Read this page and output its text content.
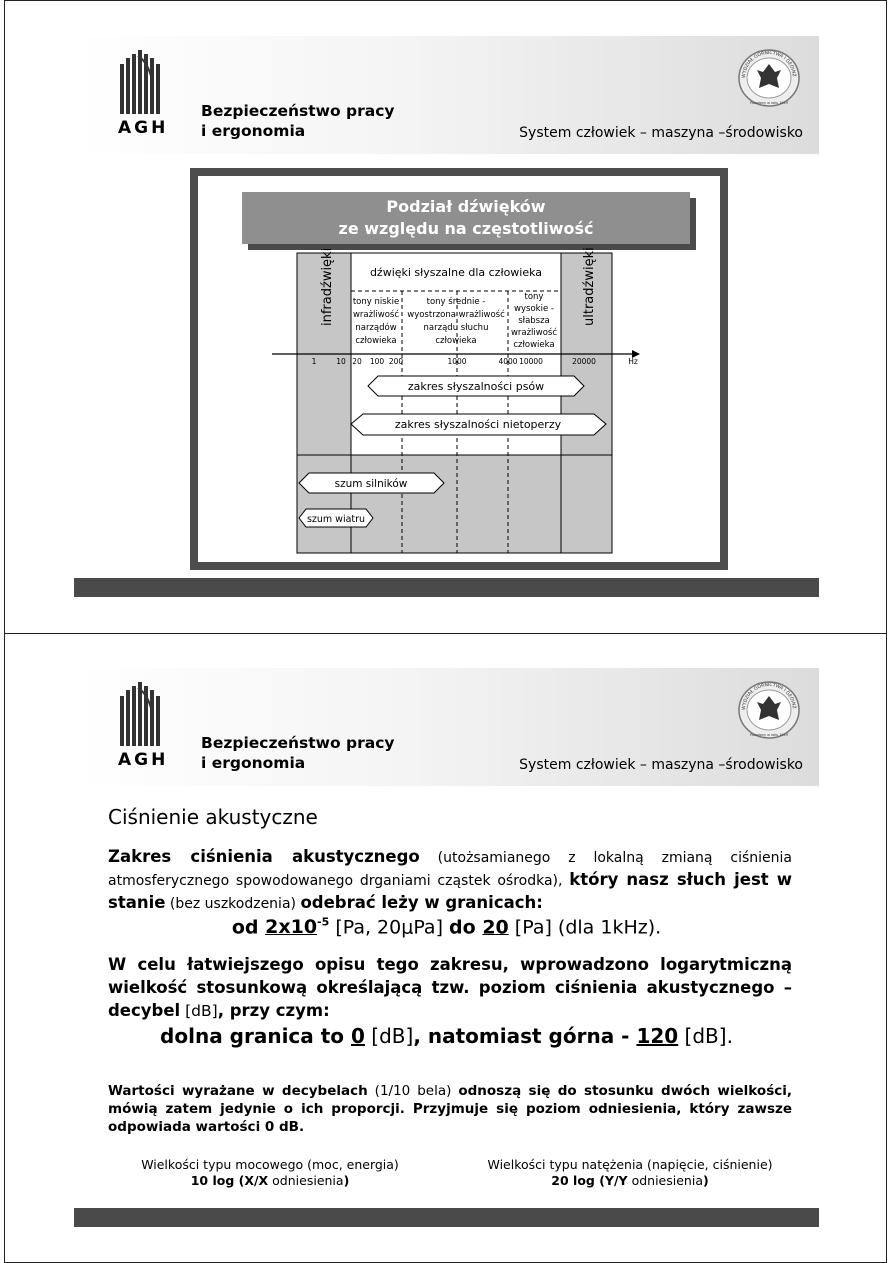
AGH
Bezpieczeństwo pracy
i ergonomia	System człowiek – maszyna –środowisko
WYDZIAŁ GÓRNICTWA I GEOINŻ
Powołany w roku 1919
Podział dźwięków
ze względu na częstotliwość
1	10 20 100 200	1000	4000 10000	20000	Hz
infradźwięki	ultradźwięki
dźwięki słyszalne dla człowieka
tony niskie
wrażliwość
narządów
człowieka
tony średnie -
wyostrzona wrażliwość
narządu słuchu
człowieka
tony
wysokie -
słabsza
wrażliwość
człowieka
zakres słyszalności psów
zakres słyszalności nietoperzy
szum silników
szum wiatru
AGH
Bezpieczeństwo pracy
i ergonomia	System człowiek – maszyna –środowisko
WYDZIAŁ GÓRNICTWA I GEOINŻ
Powołany w roku 1919
Ciśnienie akustyczne
Zakres ciśnienia akustycznego (utożsamianego z lokalną zmianą ciśnienia atmosferycznego spowodowanego drganiami cząstek ośrodka), który nasz słuch jest w stanie (bez uszkodzenia) odebrać leży w granicach:
od $2x10^{-5}$ [Pa, 20μPa] do 20 [Pa] (dla 1kHz).
W celu łatwiejszego opisu tego zakresu, wprowadzono logarytmiczną wielkość stosunkową określającą tzw. poziom ciśnienia akustycznego – decybel [dB], przy czym:
dolna granica to 0 [dB], natomiast górna - 120 [dB].
Wartości wyrażane w decybelach (1/10 bela) odnoszą się do stosunku dwóch wielkości, mówią zatem jedynie o ich proporcji. Przyjmuje się poziom odniesienia, który zawsze odpowiada wartości 0 dB.
Wielkości typu mocowego (moc, energia)
10 log (X/X odniesienia)
Wielkości typu natężenia (napięcie, ciśnienie)
20 log (Y/Y odniesienia)
